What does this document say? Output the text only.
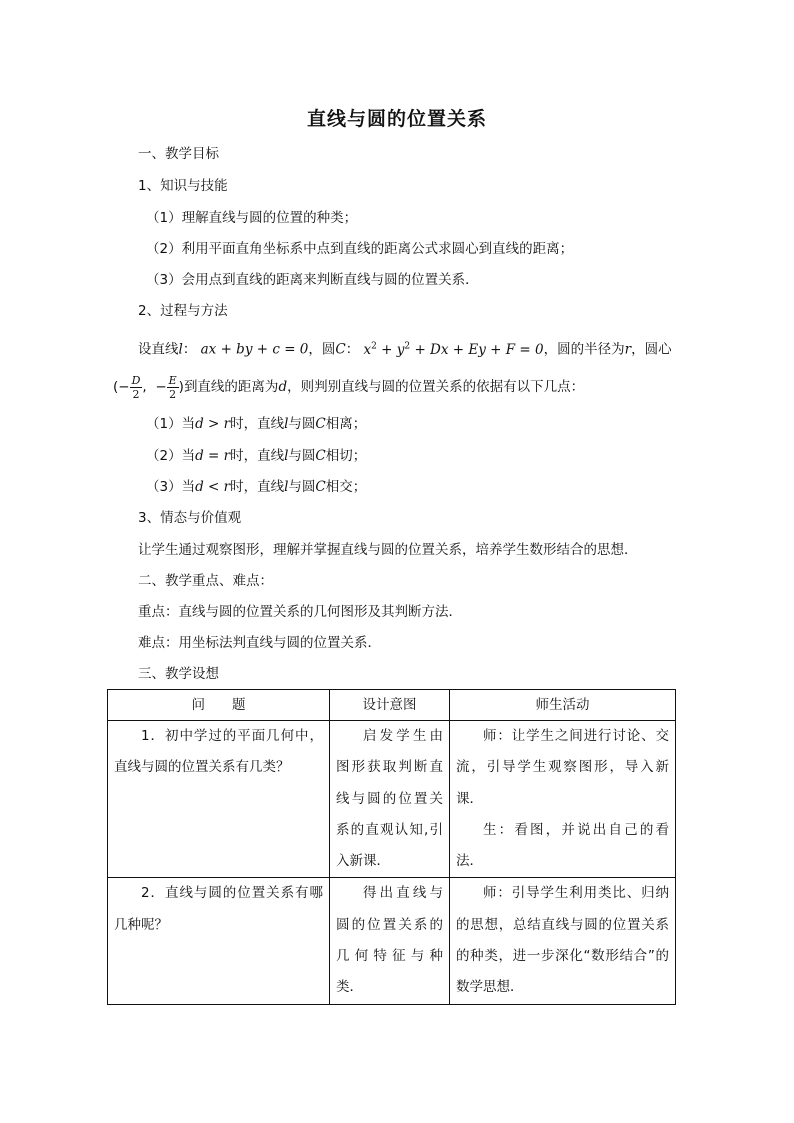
直线与圆的位置关系
一、教学目标
1、知识与技能
（1）理解直线与圆的位置的种类；
（2）利用平面直角坐标系中点到直线的距离公式求圆心到直线的距离；
（3）会用点到直线的距离来判断直线与圆的位置关系．
2、过程与方法
设直线l： ax + by + c = 0，圆C： $x^2 + y^2 + Dx + Ey + F = 0$，圆的半径为r，圆心
(− $\frac{D}{2}$ , − $\frac{E}{2}$ )到直线的距离为d，则判别直线与圆的位置关系的依据有以下几点：
（1）当d > r时，直线l与圆C相离；
（2）当d = r时，直线l与圆C相切；
（3）当d < r时，直线l与圆C相交；
3、情态与价值观
让学生通过观察图形，理解并掌握直线与圆的位置关系，培养学生数形结合的思想．
二、教学重点、难点：
重点：直线与圆的位置关系的几何图形及其判断方法．
难点：用坐标法判直线与圆的位置关系．
三、教学设想
问　　题	设计意图	师生活动
1．初中学过的平面几何中，直线与圆的位置关系有几类？	启发学生由图形获取判断直线与圆的位置关系的直观认知,引入新课．	师：让学生之间进行讨论、交流，引导学生观察图形，导入新课．
生：看图，并说出自己的看法．

2．直线与圆的位置关系有哪几种呢？	得出直线与圆的位置关系的几何特征与种类．	师：引导学生利用类比、归纳的思想，总结直线与圆的位置关系的种类，进一步深化“数形结合”的数学思想．
